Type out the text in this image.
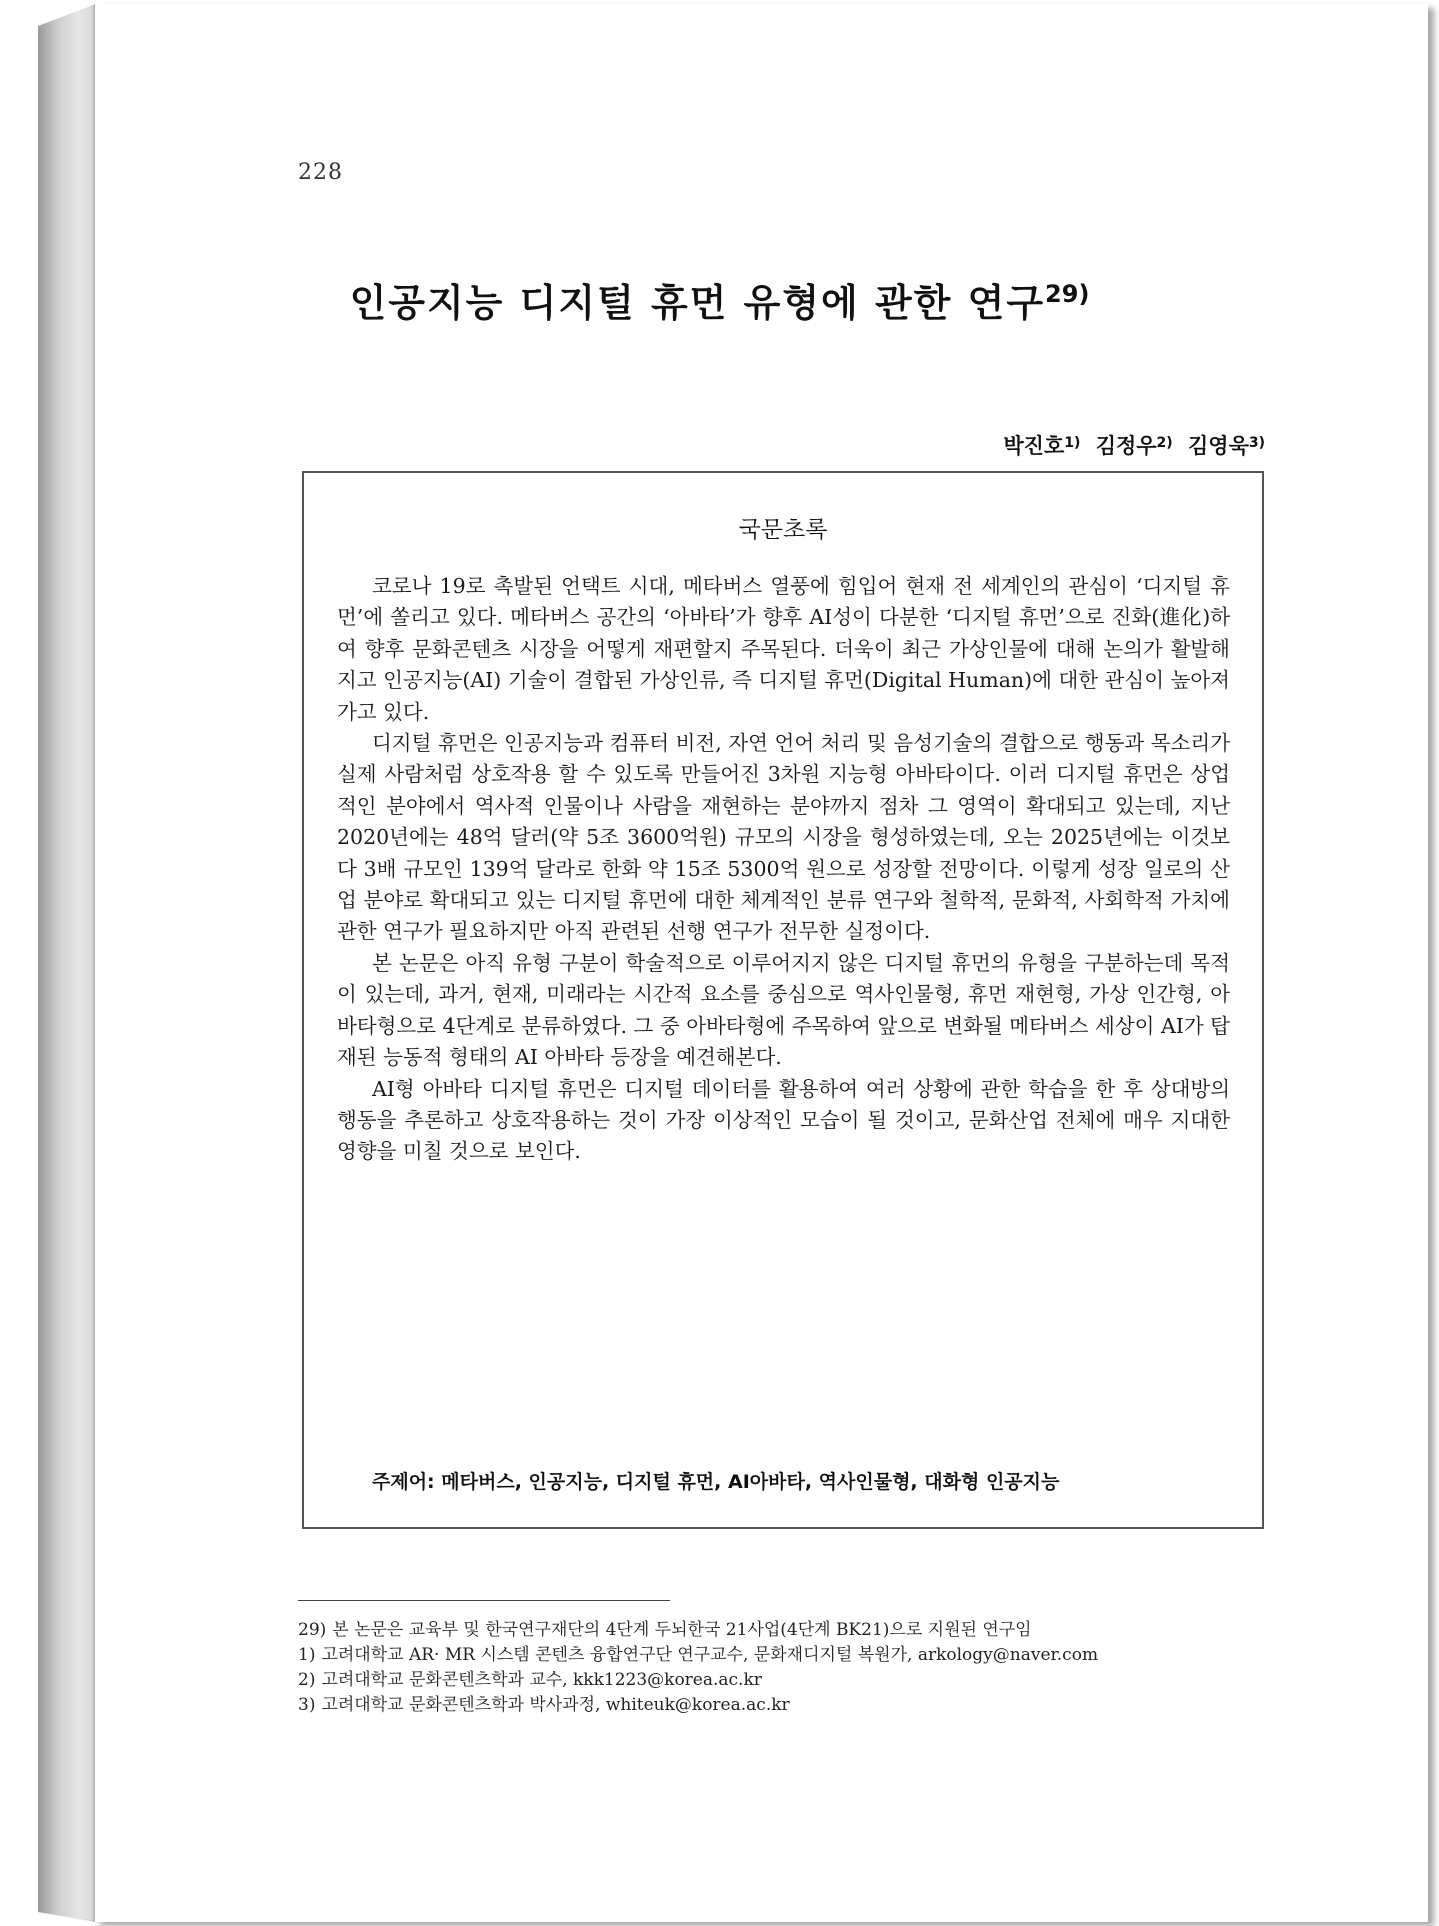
228
인공지능 디지털 휴먼 유형에 관한 연구$^{29)}$
박진호$^{1)}$ 김정우$^{2)}$ 김영욱$^{3)}$
국문초록

코로나 19로 촉발된 언택트 시대, 메타버스 열풍에 힘입어 현재 전 세계인의 관심이 ‘디지털 휴먼’에 쏠리고 있다. 메타버스 공간의 ‘아바타’가 향후 AI성이 다분한 ‘디지털 휴먼’으로 진화(進化)하여 향후 문화콘텐츠 시장을 어떻게 재편할지 주목된다. 더욱이 최근 가상인물에 대해 논의가 활발해지고 인공지능(AI) 기술이 결합된 가상인류, 즉 디지털 휴먼(Digital Human)에 대한 관심이 높아져 가고 있다.

디지털 휴먼은 인공지능과 컴퓨터 비전, 자연 언어 처리 및 음성기술의 결합으로 행동과 목소리가 실제 사람처럼 상호작용 할 수 있도록 만들어진 3차원 지능형 아바타이다. 이러 디지털 휴먼은 상업적인 분야에서 역사적 인물이나 사람을 재현하는 분야까지 점차 그 영역이 확대되고 있는데, 지난 2020년에는 48억 달러(약 5조 3600억원) 규모의 시장을 형성하였는데, 오는 2025년에는 이것보다 3배 규모인 139억 달라로 한화 약 15조 5300억 원으로 성장할 전망이다. 이렇게 성장 일로의 산업 분야로 확대되고 있는 디지털 휴먼에 대한 체계적인 분류 연구와 철학적, 문화적, 사회학적 가치에 관한 연구가 필요하지만 아직 관련된 선행 연구가 전무한 실정이다.

본 논문은 아직 유형 구분이 학술적으로 이루어지지 않은 디지털 휴먼의 유형을 구분하는데 목적이 있는데, 과거, 현재, 미래라는 시간적 요소를 중심으로 역사인물형, 휴먼 재현형, 가상 인간형, 아바타형으로 4단계로 분류하였다. 그 중 아바타형에 주목하여 앞으로 변화될 메타버스 세상이 AI가 탑재된 능동적 형태의 AI 아바타 등장을 예견해본다.

AI형 아바타 디지털 휴먼은 디지털 데이터를 활용하여 여러 상황에 관한 학습을 한 후 상대방의 행동을 추론하고 상호작용하는 것이 가장 이상적인 모습이 될 것이고, 문화산업 전체에 매우 지대한 영향을 미칠 것으로 보인다.

주제어: 메타버스, 인공지능, 디지털 휴먼, AI아바타, 역사인물형, 대화형 인공지능
29) 본 논문은 교육부 및 한국연구재단의 4단계 두뇌한국 21사업(4단계 BK21)으로 지원된 연구임
1) 고려대학교 AR· MR 시스템 콘텐츠 융합연구단 연구교수, 문화재디지털 복원가, arkology@naver.com
2) 고려대학교 문화콘텐츠학과 교수, kkk1223@korea.ac.kr
3) 고려대학교 문화콘텐츠학과 박사과정, whiteuk@korea.ac.kr
